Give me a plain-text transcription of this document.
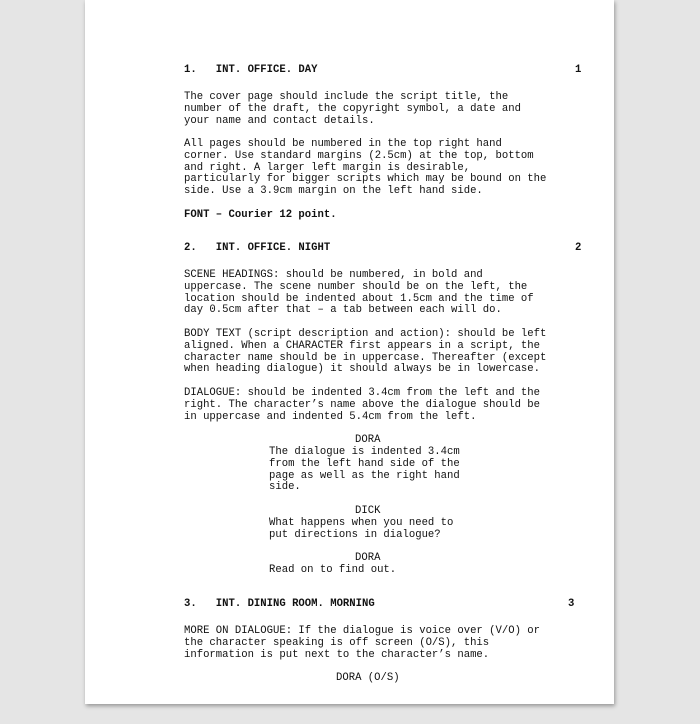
1.   INT. OFFICE. DAY	1
The cover page should include the script title, the
number of the draft, the copyright symbol, a date and
your name and contact details.
All pages should be numbered in the top right hand
corner. Use standard margins (2.5cm) at the top, bottom
and right. A larger left margin is desirable,
particularly for bigger scripts which may be bound on the
side. Use a 3.9cm margin on the left hand side.
FONT – Courier 12 point.
2.   INT. OFFICE. NIGHT	2
SCENE HEADINGS: should be numbered, in bold and
uppercase. The scene number should be on the left, the
location should be indented about 1.5cm and the time of
day 0.5cm after that – a tab between each will do.
BODY TEXT (script description and action): should be left
aligned. When a CHARACTER first appears in a script, the
character name should be in uppercase. Thereafter (except
when heading dialogue) it should always be in lowercase.
DIALOGUE: should be indented 3.4cm from the left and the
right. The character’s name above the dialogue should be
in uppercase and indented 5.4cm from the left.
DORA
The dialogue is indented 3.4cm
from the left hand side of the
page as well as the right hand
side.
DICK
What happens when you need to
put directions in dialogue?
DORA
Read on to find out.
3.   INT. DINING ROOM. MORNING	3
MORE ON DIALOGUE: If the dialogue is voice over (V/O) or
the character speaking is off screen (O/S), this
information is put next to the character’s name.
DORA (O/S)
